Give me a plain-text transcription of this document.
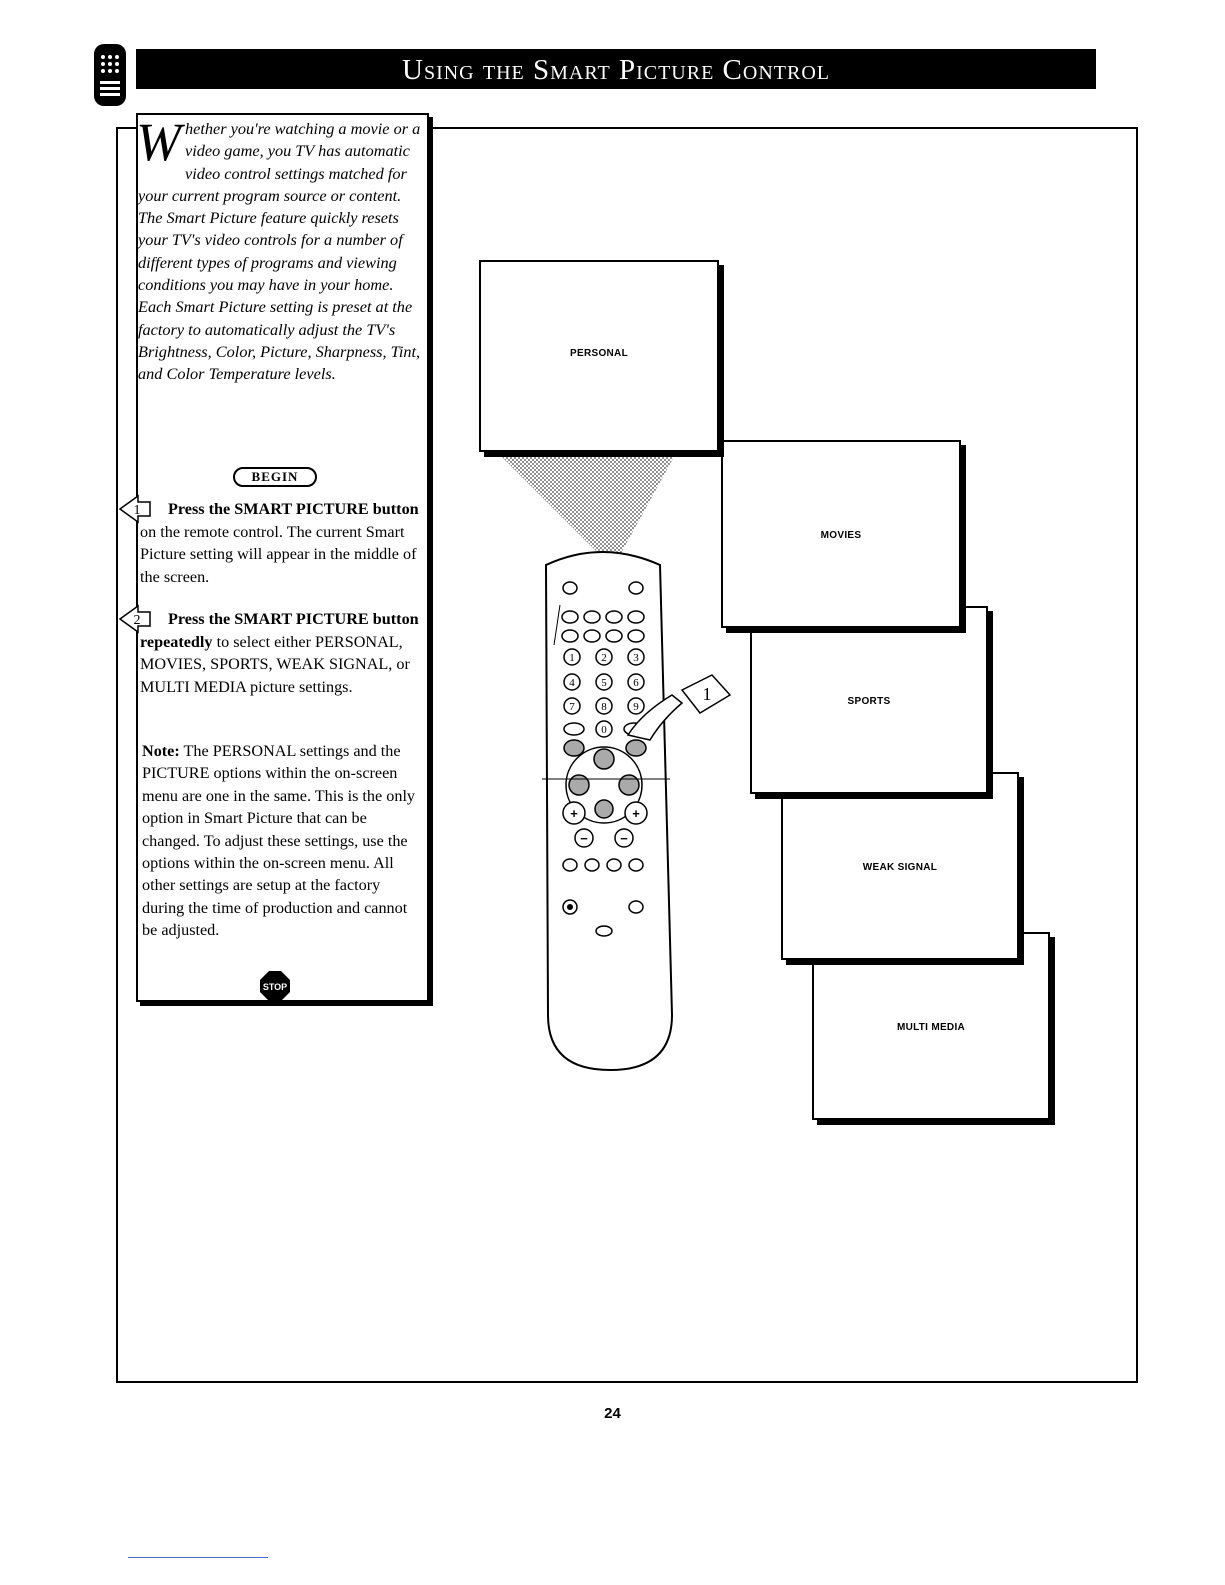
Using the Smart Picture Control
Whether you're watching a movie or a video game, you TV has automatic video control settings matched for your current program source or content. The Smart Picture feature quickly resets your TV's video controls for a number of different types of programs and viewing conditions you may have in your home. Each Smart Picture setting is preset at the factory to automatically adjust the TV's Brightness, Color, Picture, Sharpness, Tint, and Color Temperature levels.
BEGIN
1	Press the SMART PICTURE button on the remote control. The current Smart Picture setting will appear in the middle of the screen.
2	Press the SMART PICTURE button repeatedly to select either PERSONAL, MOVIES, SPORTS, WEAK SIGNAL, or MULTI MEDIA picture settings.
Note: The PERSONAL settings and the PICTURE options within the on-screen menu are one in the same. This is the only option in Smart Picture that can be changed. To adjust these settings, use the options within the on-screen menu. All other settings are setup at the factory during the time of production and cannot be adjusted.
STOP
MULTI MEDIA
WEAK SIGNAL
SPORTS
MOVIES
PERSONAL
1 2 3
4 5 6
7 8 9
0
+	+
− −
1
24
